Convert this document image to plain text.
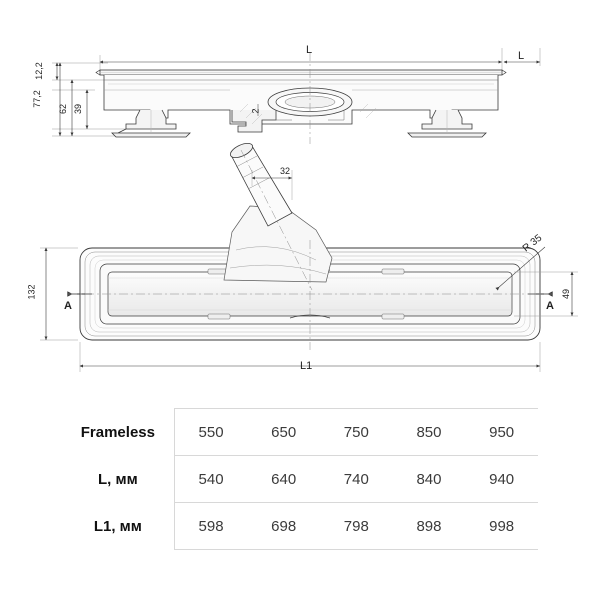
12,2
77,2
62 39
L	L
2
132	49
L1
R 35
32
A	A
Frameless	550	650	750	850	950
L, мм	540	640	740	840	940
L1, мм	598	698	798	898	998
